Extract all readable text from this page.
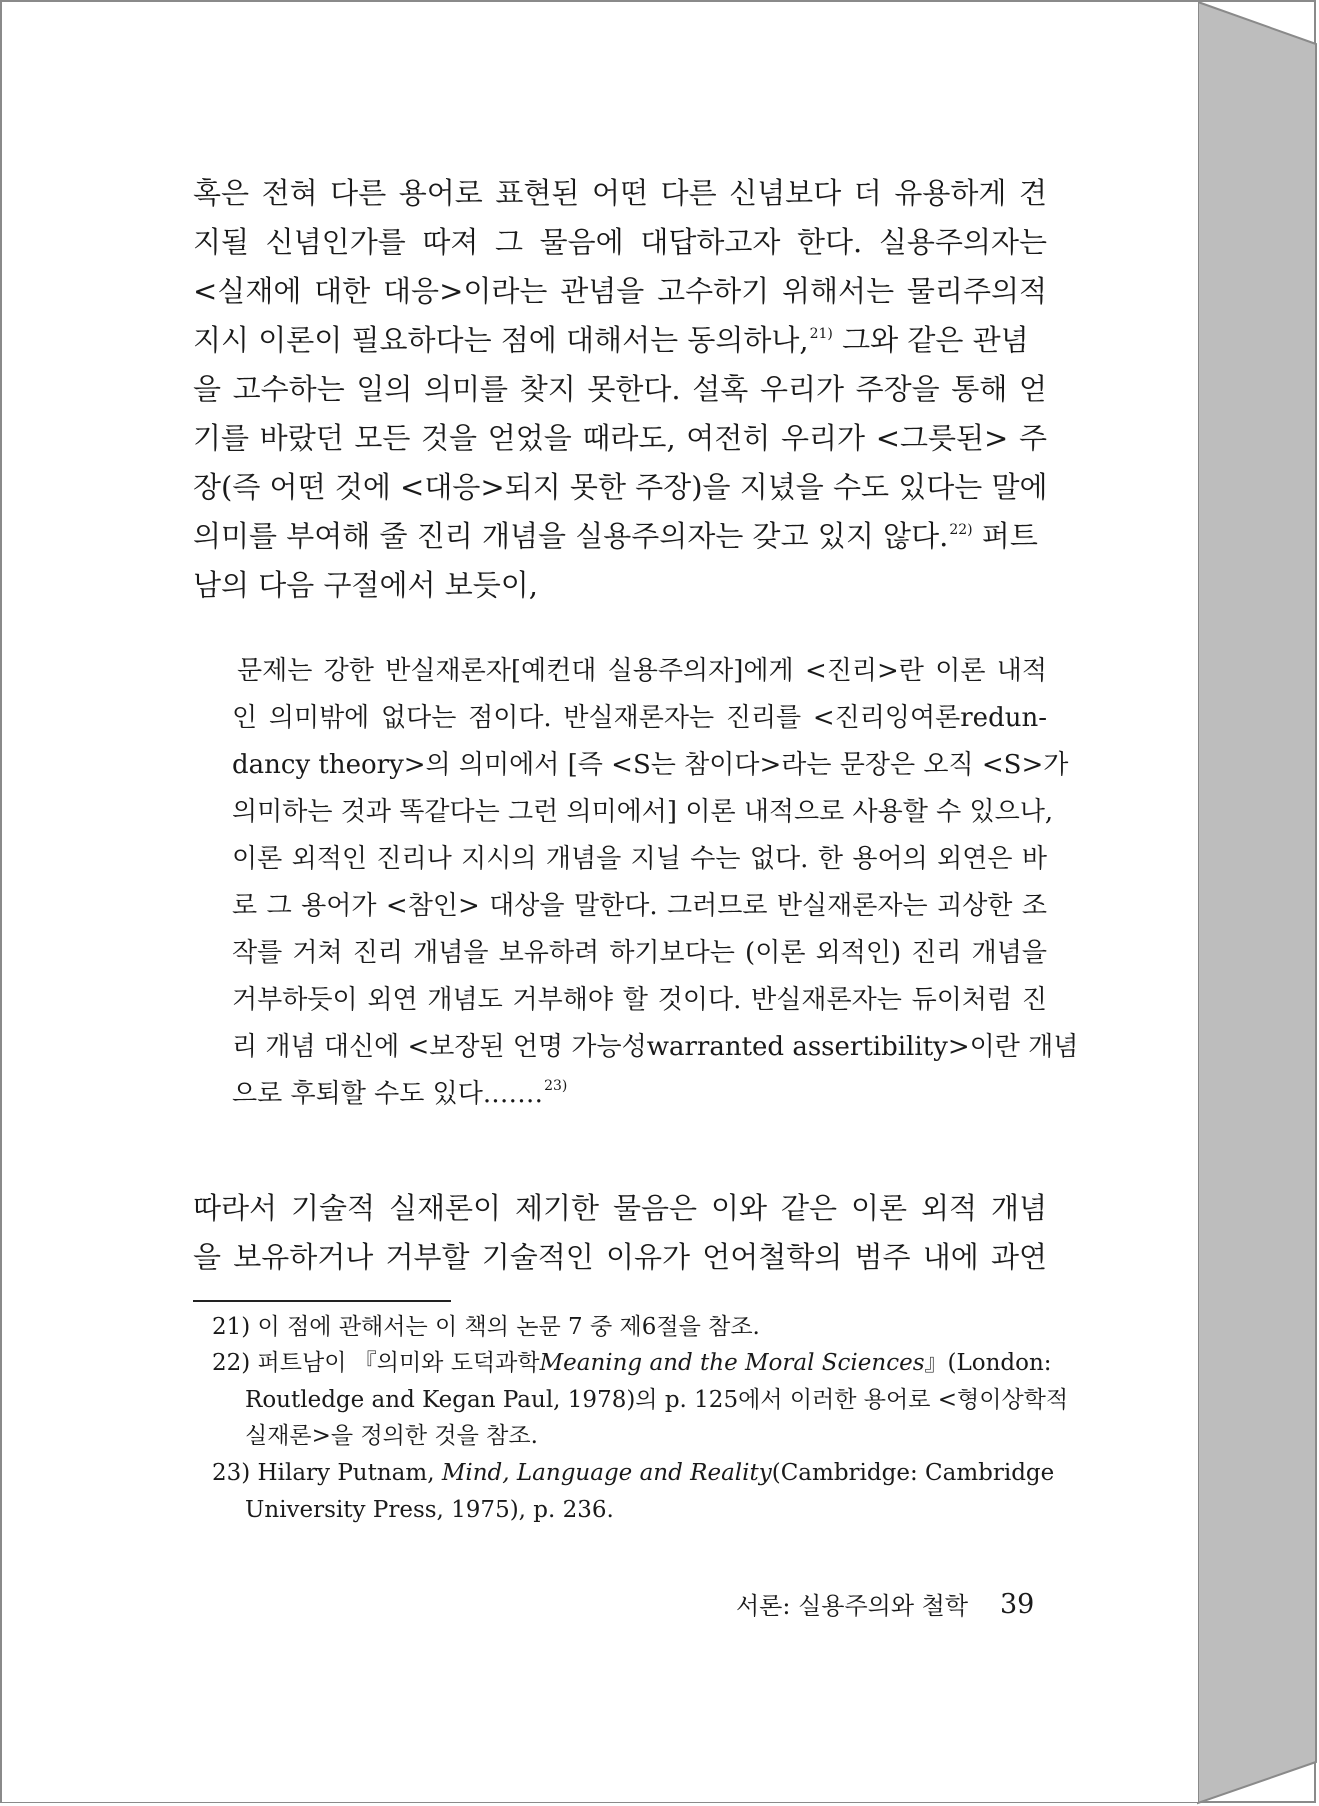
혹은 전혀 다른 용어로 표현된 어떤 다른 신념보다 더 유용하게 견
지될 신념인가를 따져 그 물음에 대답하고자 한다. 실용주의자는
<실재에 대한 대응>이라는 관념을 고수하기 위해서는 물리주의적
지시 이론이 필요하다는 점에 대해서는 동의하나,$^{21)}$ 그와 같은 관념
을 고수하는 일의 의미를 찾지 못한다. 설혹 우리가 주장을 통해 얻
기를 바랐던 모든 것을 얻었을 때라도, 여전히 우리가 <그릇된> 주
장(즉 어떤 것에 <대응>되지 못한 주장)을 지녔을 수도 있다는 말에
의미를 부여해 줄 진리 개념을 실용주의자는 갖고 있지 않다.$^{22)}$ 퍼트
남의 다음 구절에서 보듯이,
문제는 강한 반실재론자[예컨대 실용주의자]에게 <진리>란 이론 내적
인 의미밖에 없다는 점이다. 반실재론자는 진리를 <진리잉여론redun-
dancy theory>의 의미에서 [즉 <S는 참이다>라는 문장은 오직 <S>가
의미하는 것과 똑같다는 그런 의미에서] 이론 내적으로 사용할 수 있으나,
이론 외적인 진리나 지시의 개념을 지닐 수는 없다. 한 용어의 외연은 바
로 그 용어가 <참인> 대상을 말한다. 그러므로 반실재론자는 괴상한 조
작를 거쳐 진리 개념을 보유하려 하기보다는 (이론 외적인) 진리 개념을
거부하듯이 외연 개념도 거부해야 할 것이다. 반실재론자는 듀이처럼 진
리 개념 대신에 <보장된 언명 가능성warranted assertibility>이란 개념
으로 후퇴할 수도 있다.……$^{23)}$
따라서 기술적 실재론이 제기한 물음은 이와 같은 이론 외적 개념
을 보유하거나 거부할 기술적인 이유가 언어철학의 범주 내에 과연
21) 이 점에 관해서는 이 책의 논문 7 중 제6절을 참조.
22) 퍼트남이 『의미와 도덕과학Meaning and the Moral Sciences』(London:
Routledge and Kegan Paul, 1978)의 p. 125에서 이러한 용어로 <형이상학적
실재론>을 정의한 것을 참조.
23) Hilary Putnam, Mind, Language and Reality(Cambridge: Cambridge
University Press, 1975), p. 236.
서론: 실용주의와 철학 39
